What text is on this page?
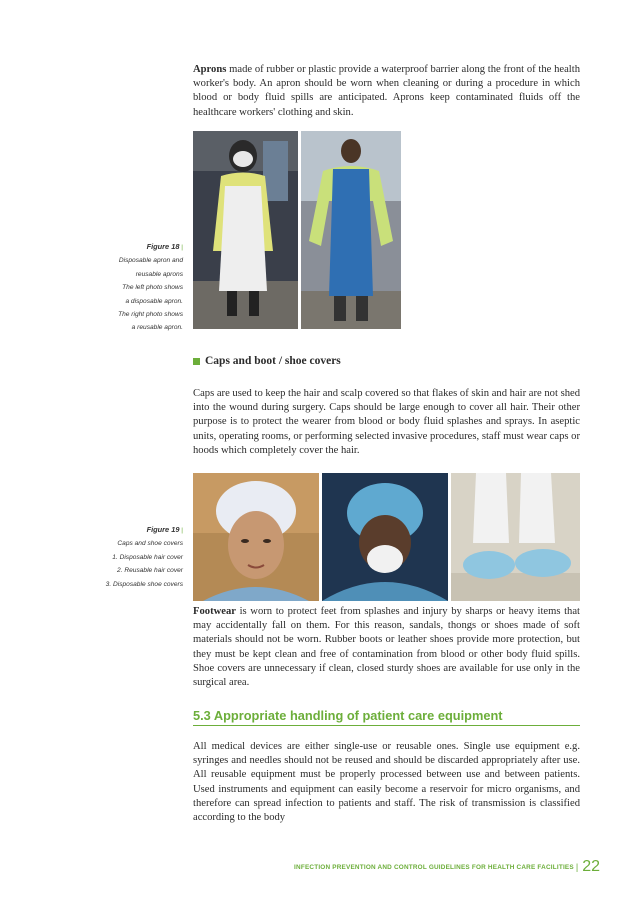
Aprons made of rubber or plastic provide a waterproof barrier along the front of the health worker's body. An apron should be worn when cleaning or during a procedure in which blood or body fluid spills are anticipated. Aprons keep contaminated fluids off the healthcare workers' clothing and skin.

Figure 18 |
Disposable apron and
reusable aprons
The left photo shows
a disposable apron.
The right photo shows
a reusable apron.
Caps and boot / shoe covers

Caps are used to keep the hair and scalp covered so that flakes of skin and hair are not shed into the wound during surgery. Caps should be large enough to cover all hair. Their other purpose is to protect the wearer from blood or body fluid splashes and sprays. In aseptic units, operating rooms, or performing selected invasive procedures, staff must wear caps or hoods which completely cover the hair.

Figure 19 |
Caps and shoe covers
1. Disposable hair cover
2. Reusable hair cover
3. Disposable shoe covers

Footwear is worn to protect feet from splashes and injury by sharps or heavy items that may accidentally fall on them. For this reason, sandals, thongs or shoes made of soft materials should not be worn. Rubber boots or leather shoes provide more protection, but they must be kept clean and free of contamination from blood or other body fluid spills. Shoe covers are unnecessary if clean, closed sturdy shoes are available for use only in the surgical area.

5.3 Appropriate handling of patient care equipment

All medical devices are either single-use or reusable ones. Single use equipment e.g. syringes and needles should not be reused and should be discarded appropriately after use. All reusable equipment must be properly processed between use and between patients. Used instruments and equipment can easily become a reservoir for micro organisms, and therefore can spread infection to patients and staff. The risk of transmission is classified according to the body

INFECTION PREVENTION AND CONTROL GUIDELINES FOR HEALTH CARE FACILITIES | 22
